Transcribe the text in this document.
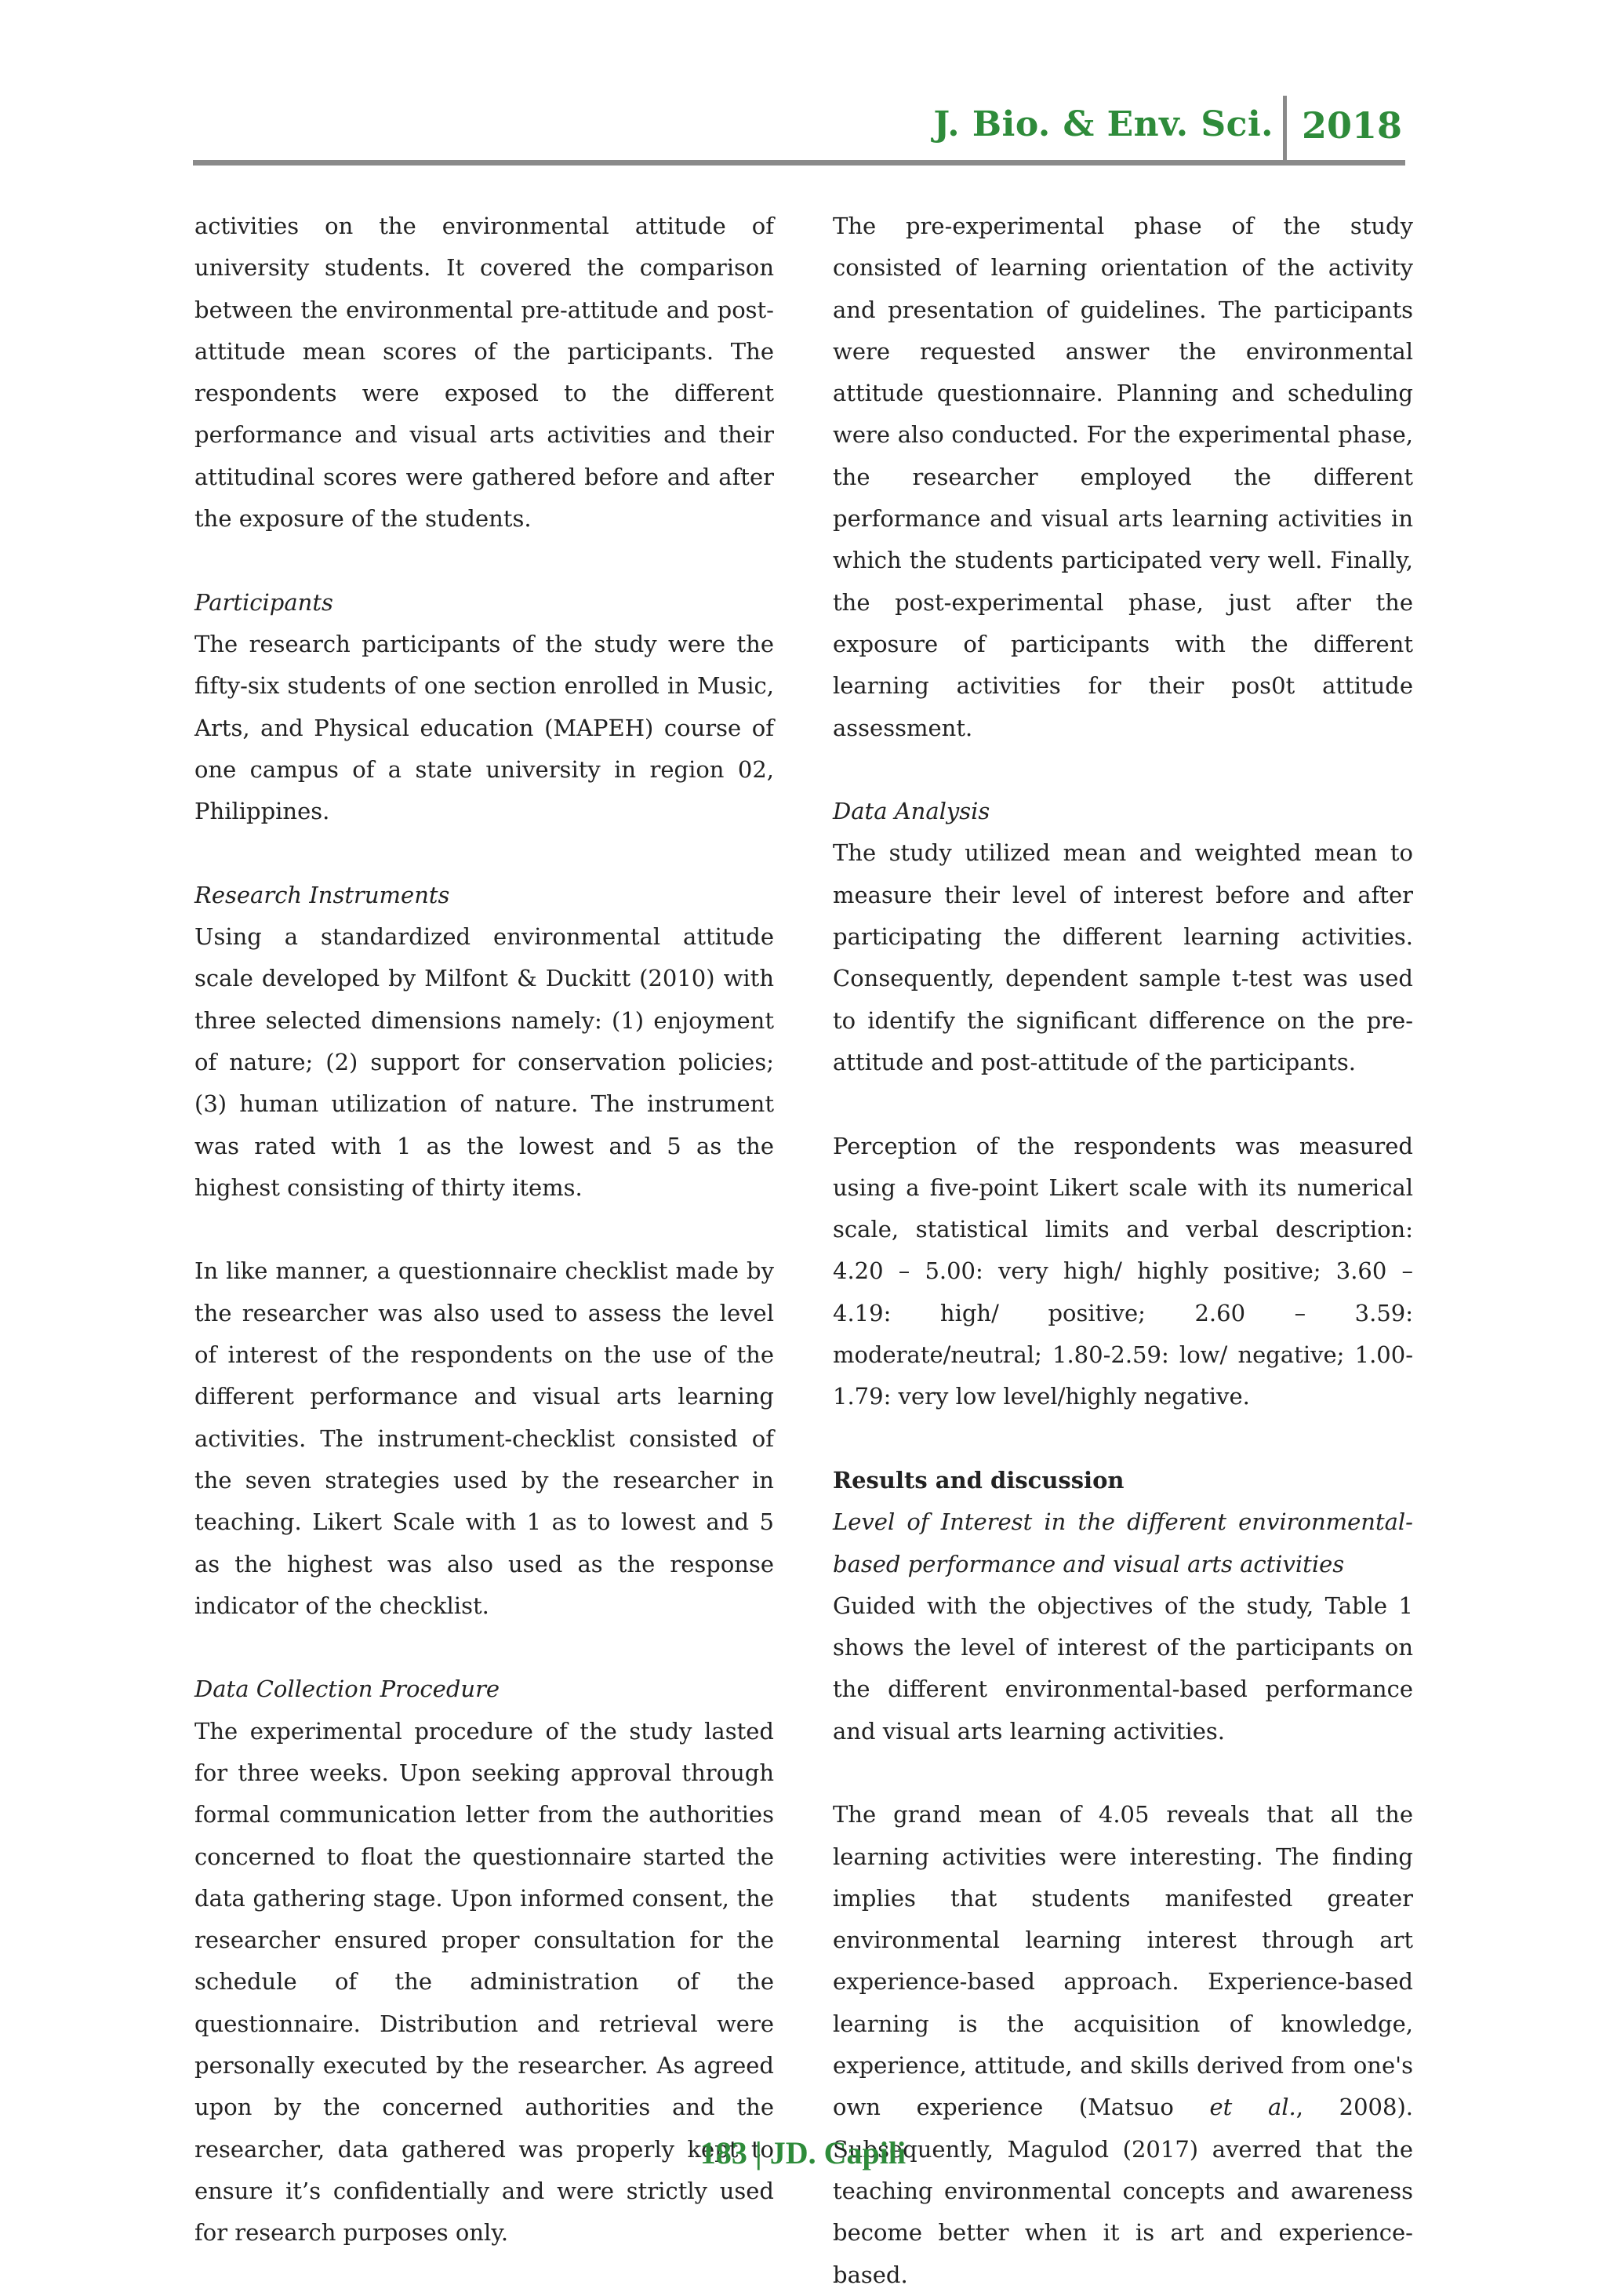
J. Bio. & Env. Sci. 2018

activities on the environmental attitude of university students. It covered the comparison between the environmental pre-attitude and post-attitude mean scores of the participants. The respondents were exposed to the different performance and visual arts activities and their attitudinal scores were gathered before and after the exposure of the students.

Participants

The research participants of the study were the fifty-six students of one section enrolled in Music, Arts, and Physical education (MAPEH) course of one campus of a state university in region 02, Philippines.

Research Instruments

Using a standardized environmental attitude scale developed by Milfont & Duckitt (2010) with three selected dimensions namely: (1) enjoyment of nature; (2) support for conservation policies; (3) human utilization of nature. The instrument was rated with 1 as the lowest and 5 as the highest consisting of thirty items.

In like manner, a questionnaire checklist made by the researcher was also used to assess the level of interest of the respondents on the use of the different performance and visual arts learning activities. The instrument-checklist consisted of the seven strategies used by the researcher in teaching. Likert Scale with 1 as to lowest and 5 as the highest was also used as the response indicator of the checklist.

Data Collection Procedure

The experimental procedure of the study lasted for three weeks. Upon seeking approval through formal communication letter from the authorities concerned to float the questionnaire started the data gathering stage. Upon informed consent, the researcher ensured proper consultation for the schedule of the administration of the questionnaire. Distribution and retrieval were personally executed by the researcher. As agreed upon by the concerned authorities and the researcher, data gathered was properly kept to ensure it’s confidentially and were strictly used for research purposes only.

The pre-experimental phase of the study consisted of learning orientation of the activity and presentation of guidelines. The participants were requested answer the environmental attitude questionnaire. Planning and scheduling were also conducted. For the experimental phase, the researcher employed the different performance and visual arts learning activities in which the students participated very well. Finally, the post-experimental phase, just after the exposure of participants with the different learning activities for their pos0t attitude assessment.

Data Analysis

The study utilized mean and weighted mean to measure their level of interest before and after participating the different learning activities. Consequently, dependent sample t-test was used to identify the significant difference on the pre-attitude and post-attitude of the participants.

Perception of the respondents was measured using a five-point Likert scale with its numerical scale, statistical limits and verbal description: 4.20 – 5.00: very high/ highly positive; 3.60 – 4.19: high/ positive; 2.60 – 3.59: moderate/neutral; 1.80-2.59: low/ negative; 1.00-1.79: very low level/highly negative.

Results and discussion

Level of Interest in the different environmental-based performance and visual arts activities

Guided with the objectives of the study, Table 1 shows the level of interest of the participants on the different environmental-based performance and visual arts learning activities.

The grand mean of 4.05 reveals that all the learning activities were interesting. The finding implies that students manifested greater environmental learning interest through art experience-based approach. Experience-based learning is the acquisition of knowledge, experience, attitude, and skills derived from one's own experience (Matsuo et al., 2008). Subsequently, Magulod (2017) averred that the teaching environmental concepts and awareness become better when it is art and experience-based.

183 | JD. Capili
